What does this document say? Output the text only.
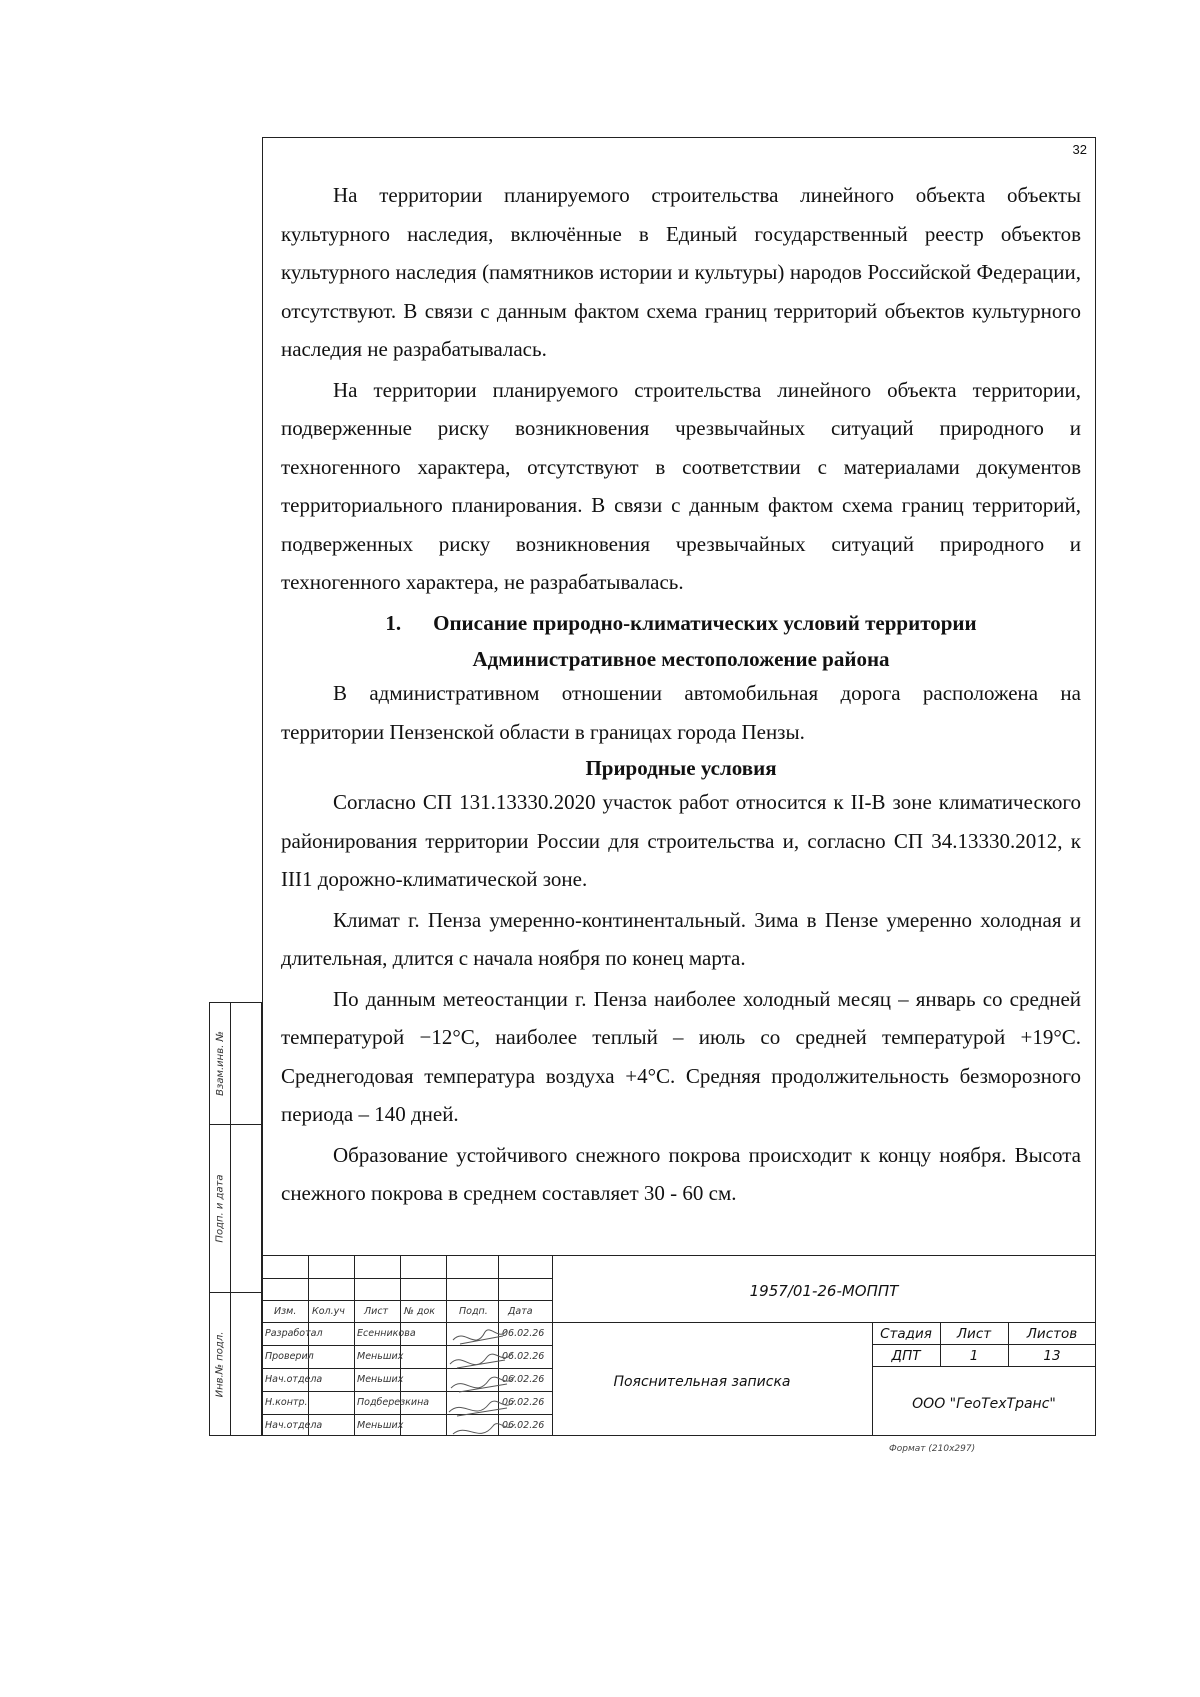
32

На территории планируемого строительства линейного объекта объекты культурного наследия, включённые в Единый государственный реестр объектов культурного наследия (памятников истории и культуры) народов Российской Федерации, отсутствуют. В связи с данным фактом схема границ территорий объектов культурного наследия не разрабатывалась.

На территории планируемого строительства линейного объекта территории, подверженные риску возникновения чрезвычайных ситуаций природного и техногенного характера, отсутствуют в соответствии с материалами документов территориального планирования. В связи с данным фактом схема границ территорий, подверженных риску возникновения чрезвычайных ситуаций природного и техногенного характера, не разрабатывалась.

1. Описание природно-климатических условий территории
Административное местоположение района

В административном отношении автомобильная дорога расположена на территории Пензенской области в границах города Пензы.

Природные условия

Согласно СП 131.13330.2020 участок работ относится к II-В зоне климатического районирования территории России для строительства и, согласно СП 34.13330.2012, к III1 дорожно-климатической зоне.

Климат г. Пенза умеренно-континентальный. Зима в Пензе умеренно холодная и длительная, длится с начала ноября по конец марта.

По данным метеостанции г. Пенза наиболее холодный месяц – январь со средней температурой −12°С, наиболее теплый – июль со средней температурой +19°С. Среднегодовая температура воздуха +4°С. Средняя продолжительность безморозного периода – 140 дней.

Образование устойчивого снежного покрова происходит к концу ноября. Высота снежного покрова в среднем составляет 30 - 60 см.

Взам.инв. №
Подп. и дата
Инв.№ подл.
Изм. Кол.уч Лист № док	Подп. Дата
Разработал	Есенникова	06.02.26
Проверил	Меньших	06.02.26
Нач.отдела	Меньших	06.02.26
Н.контр.	Подберезкина	06.02.26
Нач.отдела	Меньших	06.02.26
1957/01-26-МОППТ
Стадия	Лист	Листов
ДПТ	1	13
Пояснительная записка
ООО "ГеоТехТранс"
Формат (210х297)
